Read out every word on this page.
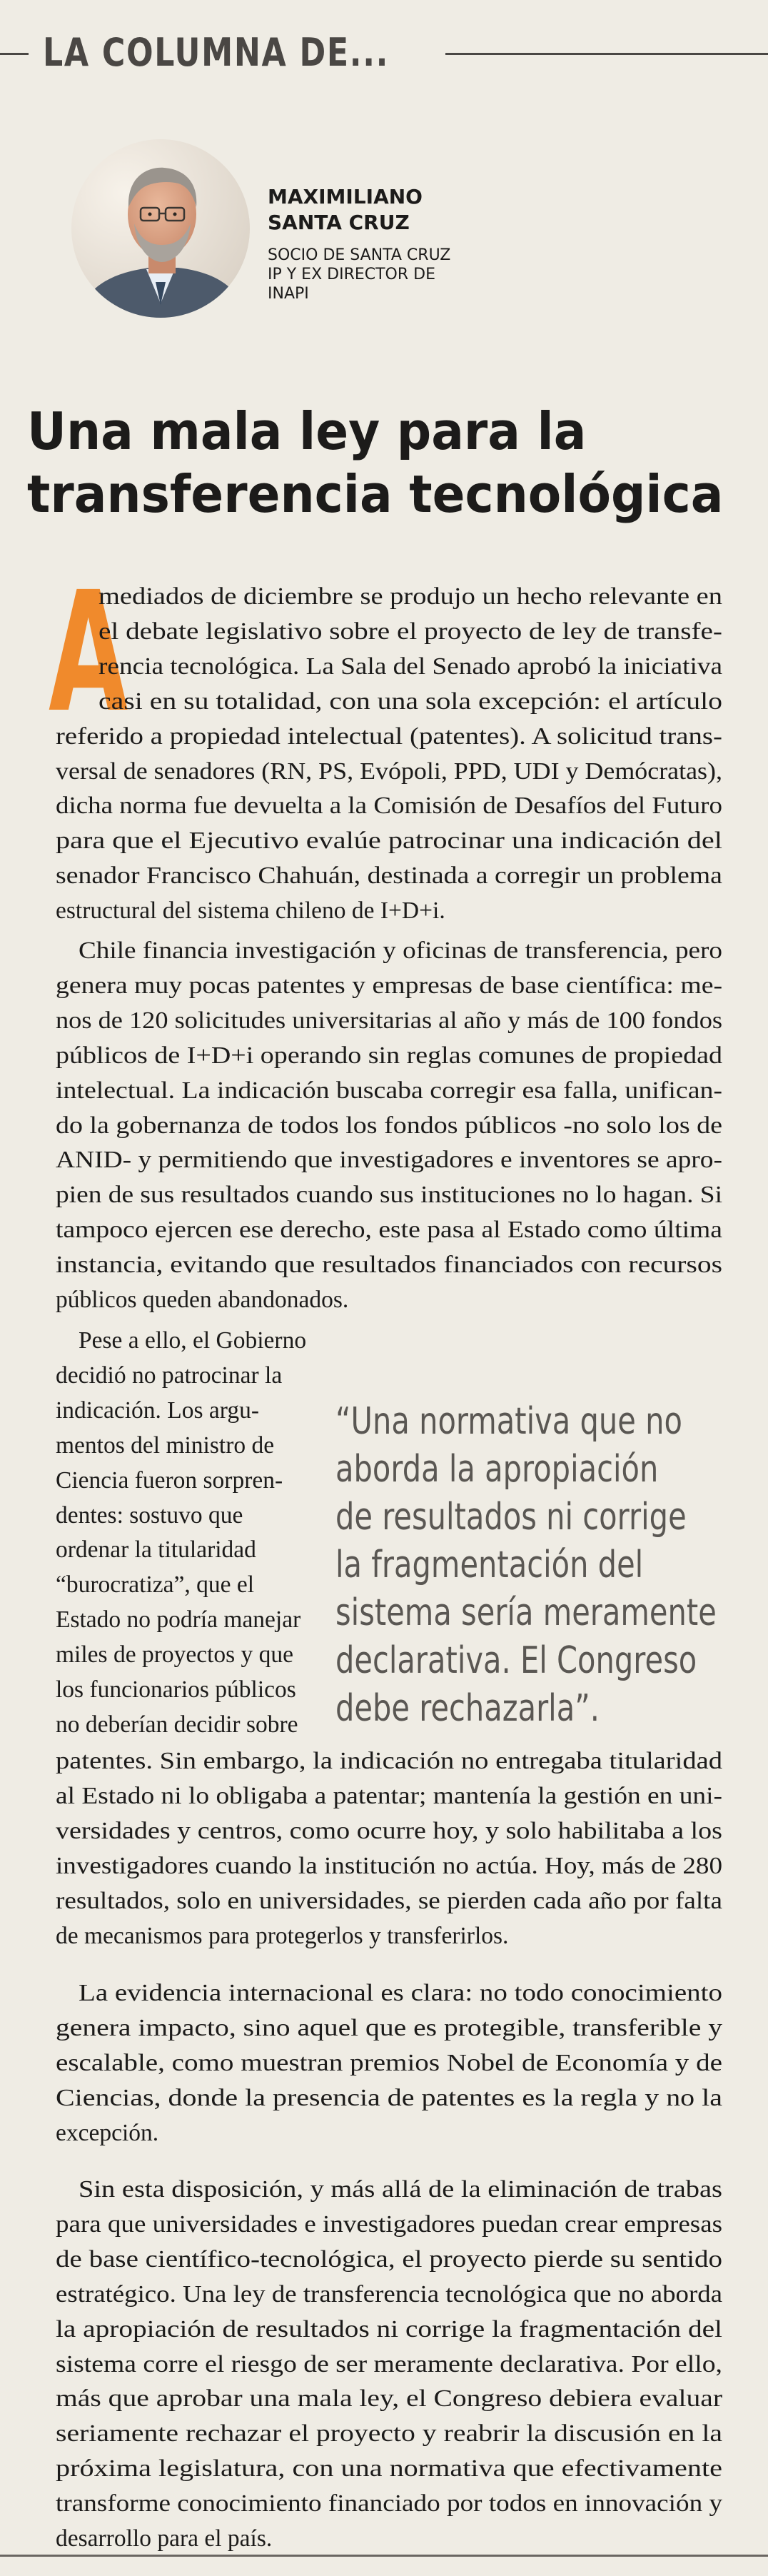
LA COLUMNA DE...
MAXIMILIANO
SANTA CRUZ
SOCIO DE SANTA CRUZ
IP Y EX DIRECTOR DE
INAPI
Una mala ley para la
transferencia tecnológica
A
mediados de diciembre se produjo un hecho relevante en
el debate legislativo sobre el proyecto de ley de transfe-
rencia tecnológica. La Sala del Senado aprobó la iniciativa
casi en su totalidad, con una sola excepción: el artículo
referido a propiedad intelectual (patentes). A solicitud trans-
versal de senadores (RN, PS, Evópoli, PPD, UDI y Demócratas),
dicha norma fue devuelta a la Comisión de Desafíos del Futuro
para que el Ejecutivo evalúe patrocinar una indicación del
senador Francisco Chahuán, destinada a corregir un problema
estructural del sistema chileno de I+D+i.
Chile financia investigación y oficinas de transferencia, pero
genera muy pocas patentes y empresas de base científica: me-
nos de 120 solicitudes universitarias al año y más de 100 fondos
públicos de I+D+i operando sin reglas comunes de propiedad
intelectual. La indicación buscaba corregir esa falla, unifican-
do la gobernanza de todos los fondos públicos -no solo los de
ANID- y permitiendo que investigadores e inventores se apro-
pien de sus resultados cuando sus instituciones no lo hagan. Si
tampoco ejercen ese derecho, este pasa al Estado como última
instancia, evitando que resultados financiados con recursos
públicos queden abandonados.
Pese a ello, el Gobierno
decidió no patrocinar la
indicación. Los argu-
mentos del ministro de
Ciencia fueron sorpren-
dentes: sostuvo que
ordenar la titularidad
“burocratiza”, que el
Estado no podría manejar
miles de proyectos y que
los funcionarios públicos
no deberían decidir sobre
patentes. Sin embargo, la indicación no entregaba titularidad
al Estado ni lo obligaba a patentar; mantenía la gestión en uni-
versidades y centros, como ocurre hoy, y solo habilitaba a los
investigadores cuando la institución no actúa. Hoy, más de 280
resultados, solo en universidades, se pierden cada año por falta
de mecanismos para protegerlos y transferirlos.
La evidencia internacional es clara: no todo conocimiento
genera impacto, sino aquel que es protegible, transferible y
escalable, como muestran premios Nobel de Economía y de
Ciencias, donde la presencia de patentes es la regla y no la
excepción.
Sin esta disposición, y más allá de la eliminación de trabas
para que universidades e investigadores puedan crear empresas
de base científico-tecnológica, el proyecto pierde su sentido
estratégico. Una ley de transferencia tecnológica que no aborda
la apropiación de resultados ni corrige la fragmentación del
sistema corre el riesgo de ser meramente declarativa. Por ello,
más que aprobar una mala ley, el Congreso debiera evaluar
seriamente rechazar el proyecto y reabrir la discusión en la
próxima legislatura, con una normativa que efectivamente
transforme conocimiento financiado por todos en innovación y
desarrollo para el país.
“Una normativa que no
aborda la apropiación
de resultados ni corrige
la fragmentación del
sistema sería meramente
declarativa. El Congreso
debe rechazarla”.
